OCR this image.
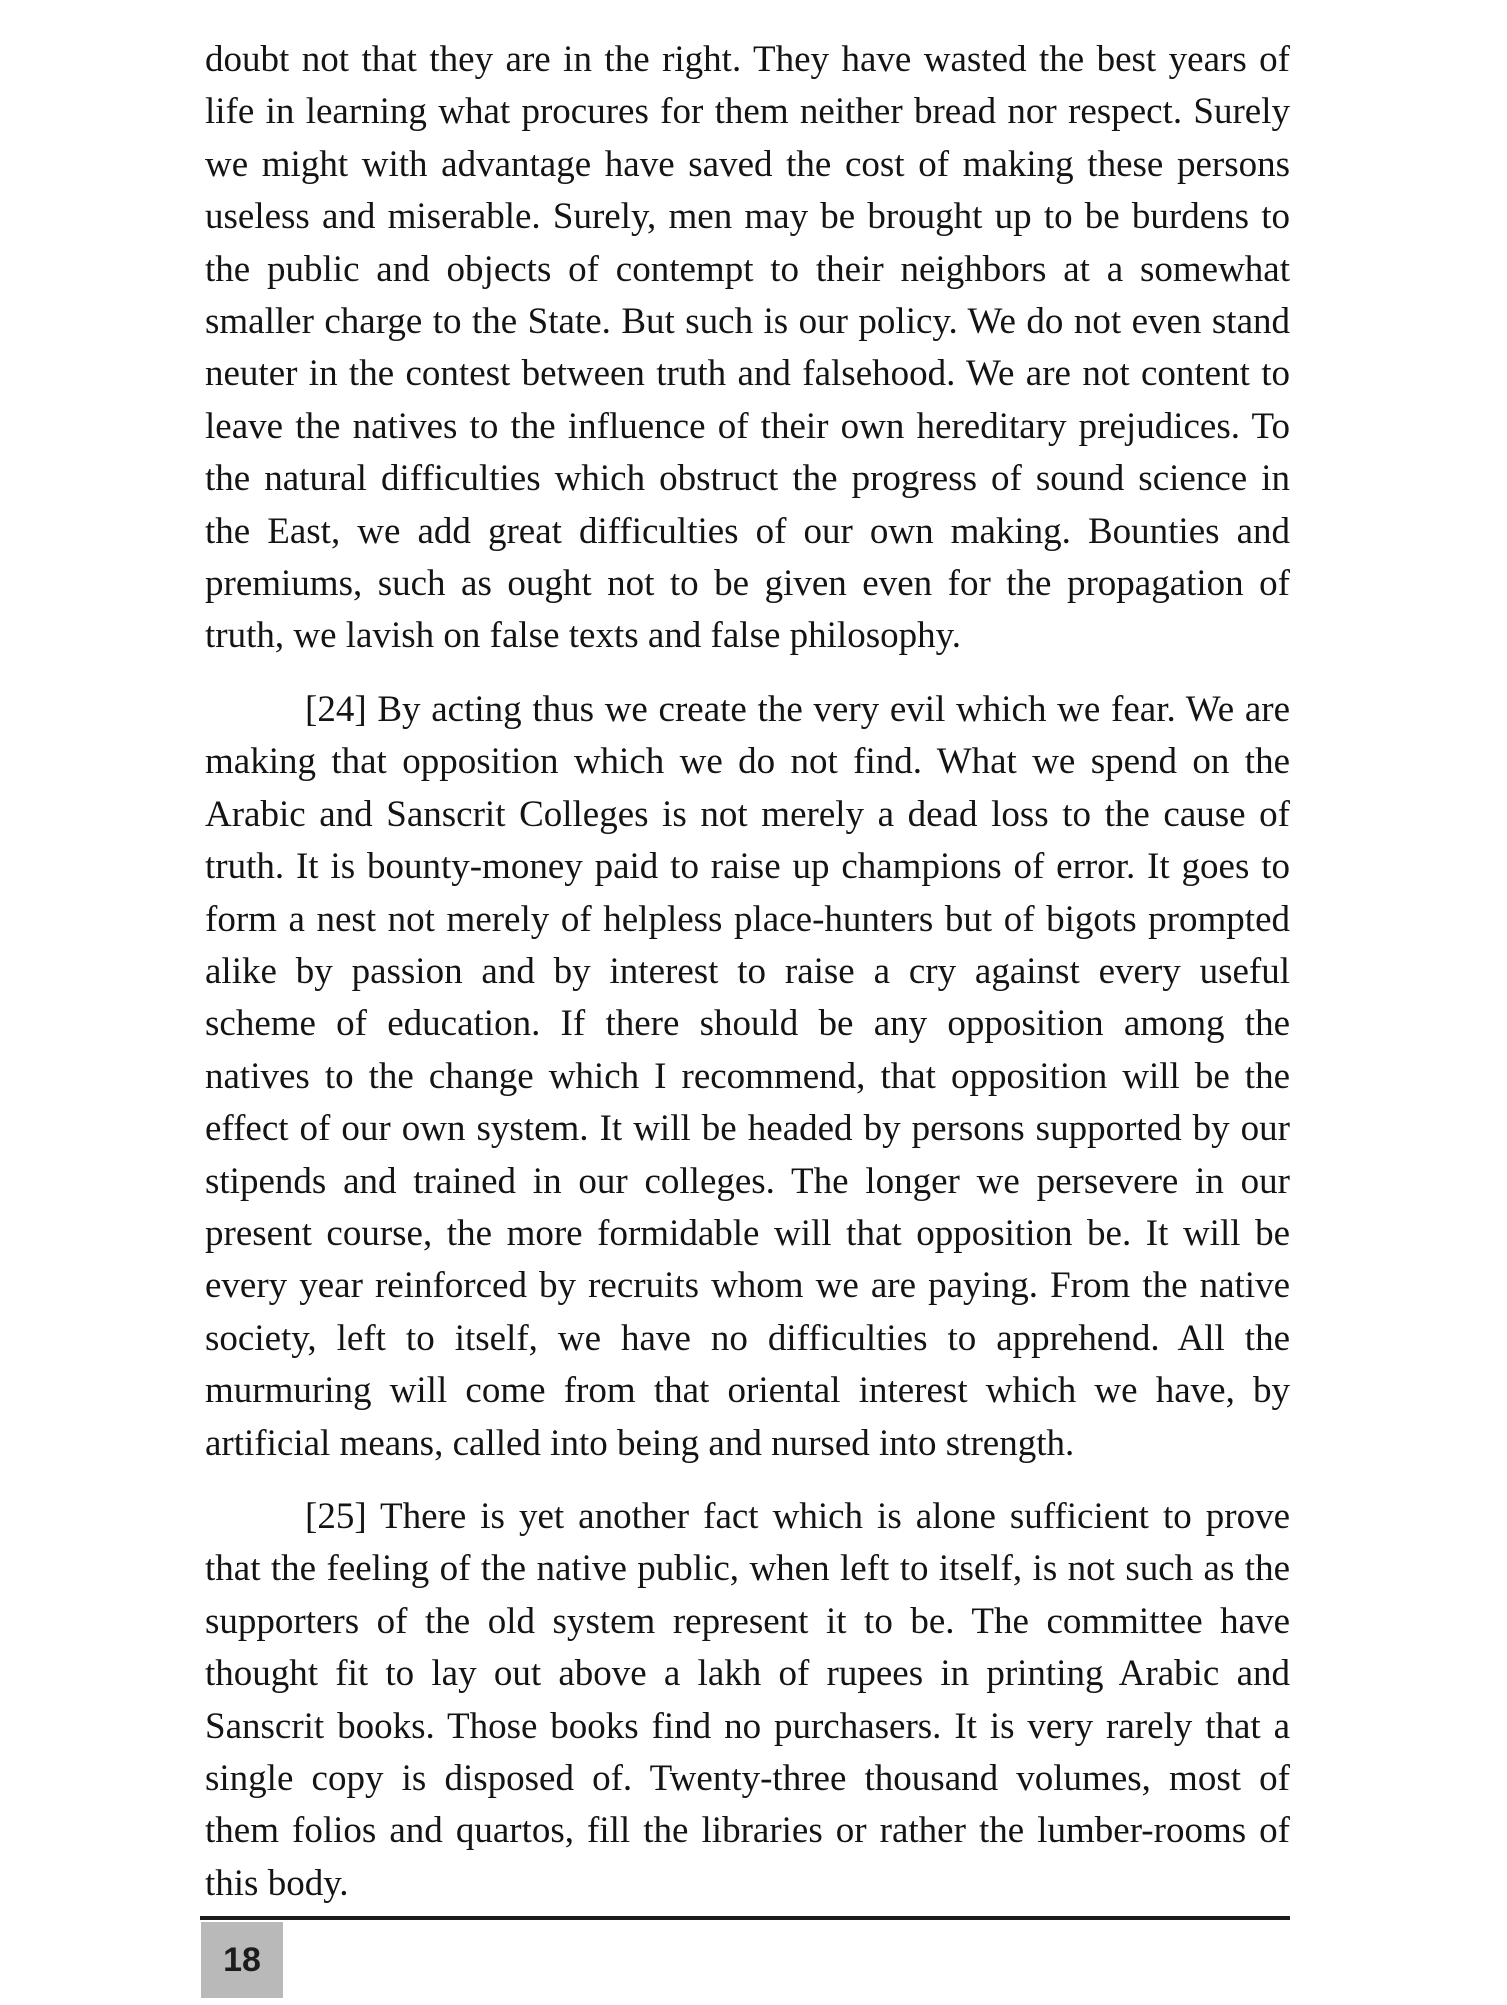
doubt not that they are in the right. They have wasted the best years of life in learning what procures for them neither bread nor respect. Surely we might with advantage have saved the cost of making these persons useless and miserable. Surely, men may be brought up to be burdens to the public and objects of contempt to their neighbors at a somewhat smaller charge to the State. But such is our policy. We do not even stand neuter in the contest between truth and falsehood. We are not content to leave the natives to the influence of their own hereditary prejudices. To the natural difficulties which obstruct the progress of sound science in the East, we add great difficulties of our own making. Bounties and premiums, such as ought not to be given even for the propagation of truth, we lavish on false texts and false philosophy.

[24] By acting thus we create the very evil which we fear. We are making that opposition which we do not find. What we spend on the Arabic and Sanscrit Colleges is not merely a dead loss to the cause of truth. It is bounty-money paid to raise up champions of error. It goes to form a nest not merely of helpless place-hunters but of bigots prompted alike by passion and by interest to raise a cry against every useful scheme of education. If there should be any opposition among the natives to the change which I recommend, that opposition will be the effect of our own system. It will be headed by persons supported by our stipends and trained in our colleges. The longer we persevere in our present course, the more formidable will that opposition be. It will be every year reinforced by recruits whom we are paying. From the native society, left to itself, we have no difficulties to apprehend. All the murmuring will come from that oriental interest which we have, by artificial means, called into being and nursed into strength.

[25] There is yet another fact which is alone sufficient to prove that the feeling of the native public, when left to itself, is not such as the supporters of the old system represent it to be. The committee have thought fit to lay out above a lakh of rupees in printing Arabic and Sanscrit books. Those books find no purchasers. It is very rarely that a single copy is disposed of. Twenty-three thousand volumes, most of them folios and quartos, fill the libraries or rather the lumber-rooms of this body.

18
